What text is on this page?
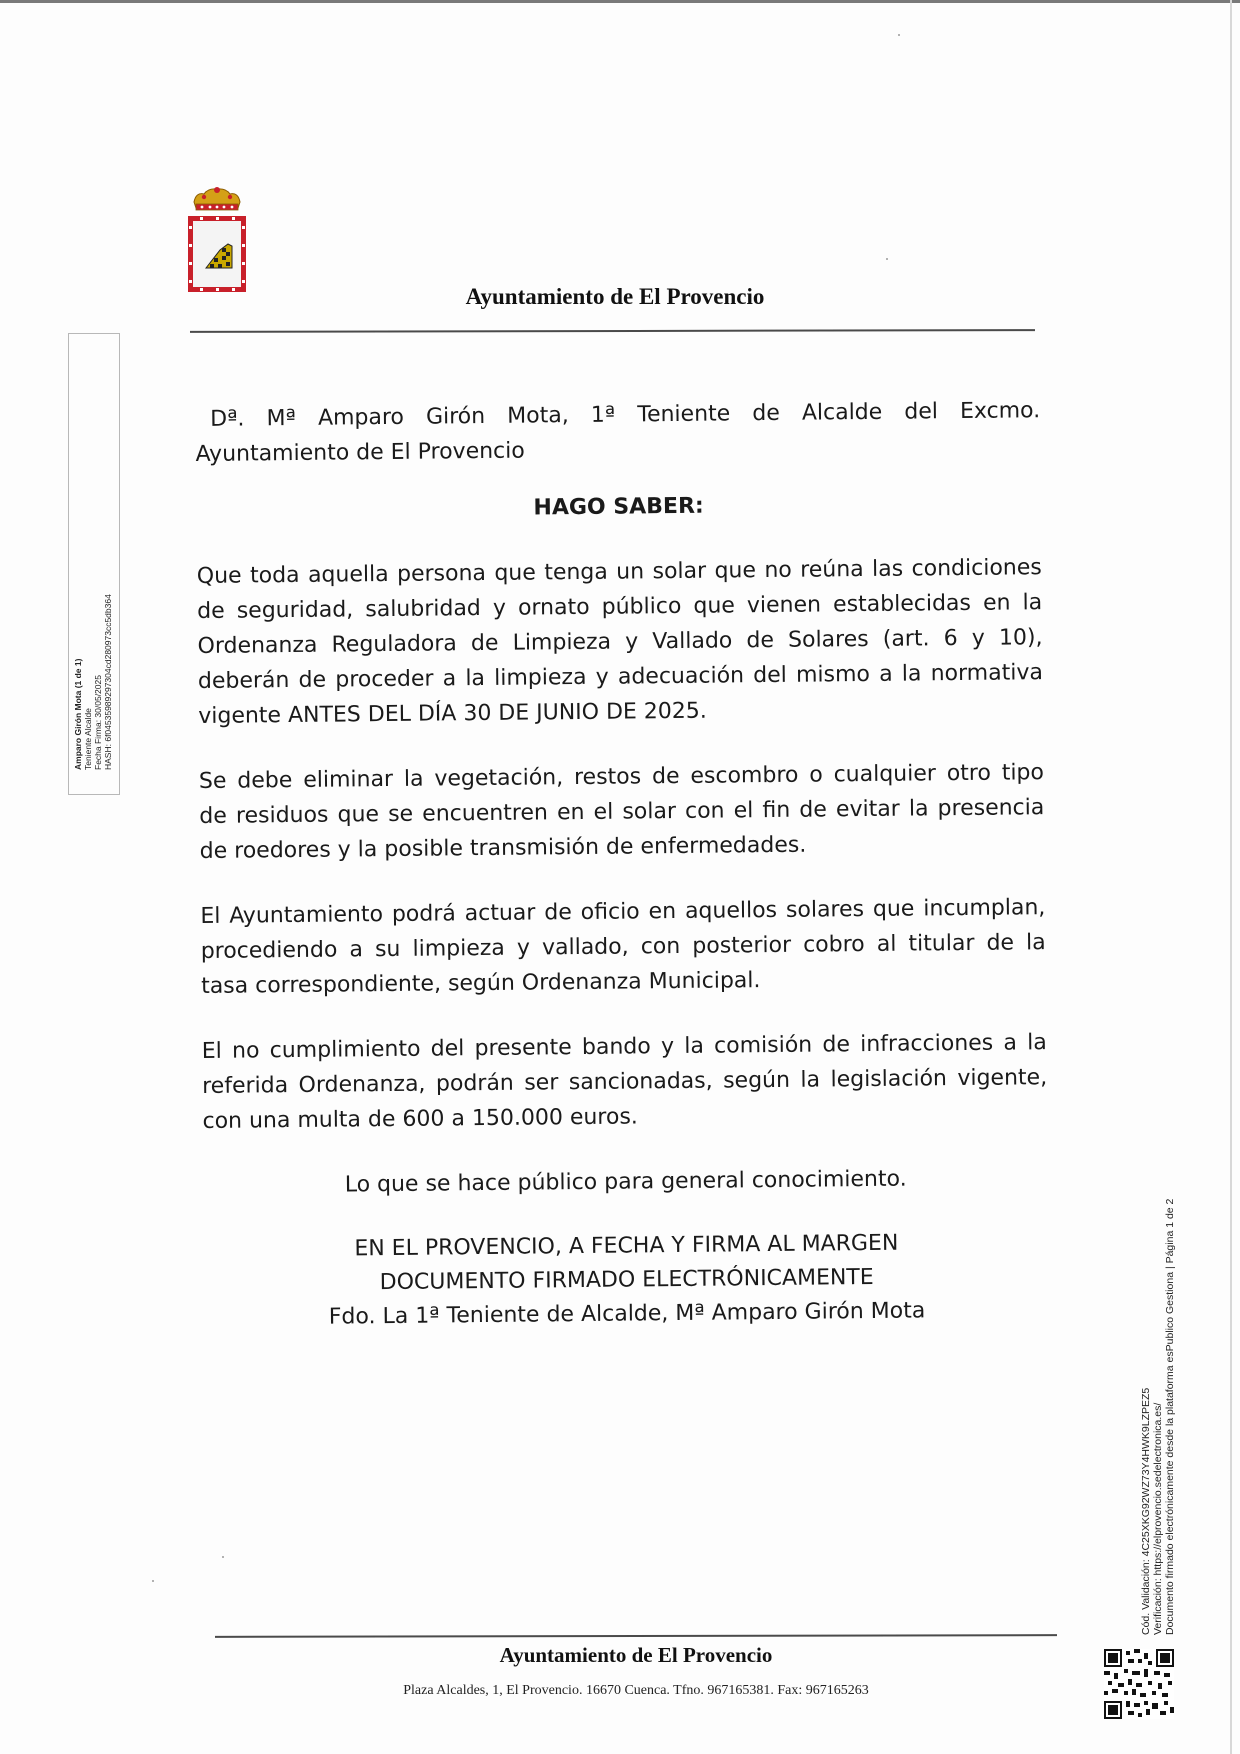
Ayuntamiento de El Provencio
Amparo Girón Mota (1 de 1) Teniente Alcalde Fecha Firma: 30/05/2025 HASH: 6f04535989297304cd280973cc5db364

Dª. Mª Amparo Girón Mota, 1ª Teniente de Alcalde del Excmo.
Ayuntamiento de El Provencio

HAGO SABER:

Que toda aquella persona que tenga un solar que no reúna las condiciones
de seguridad, salubridad y ornato público que vienen establecidas en la
Ordenanza Reguladora de Limpieza y Vallado de Solares (art. 6 y 10),
deberán de proceder a la limpieza y adecuación del mismo a la normativa
vigente ANTES DEL DÍA 30 DE JUNIO DE 2025.

Se debe eliminar la vegetación, restos de escombro o cualquier otro tipo
de residuos que se encuentren en el solar con el fin de evitar la presencia
de roedores y la posible transmisión de enfermedades.

El Ayuntamiento podrá actuar de oficio en aquellos solares que incumplan,
procediendo a su limpieza y vallado, con posterior cobro al titular de la
tasa correspondiente, según Ordenanza Municipal.

El no cumplimiento del presente bando y la comisión de infracciones a la
referida Ordenanza, podrán ser sancionadas, según la legislación vigente,
con una multa de 600 a 150.000 euros.

Lo que se hace público para general conocimiento.

EN EL PROVENCIO, A FECHA Y FIRMA AL MARGEN
DOCUMENTO FIRMADO ELECTRÓNICAMENTE
Fdo. La 1ª Teniente de Alcalde, Mª Amparo Girón Mota

Cód. Validación: 4C25XKG92WZ73Y4HWK9LZPEZ5 Verificación: https://elprovencio.sedelectronica.es/ Documento firmado electrónicamente desde la plataforma esPublico Gestiona | Página 1 de 2
Ayuntamiento de El Provencio
Plaza Alcaldes, 1, El Provencio. 16670 Cuenca. Tfno. 967165381. Fax: 967165263
